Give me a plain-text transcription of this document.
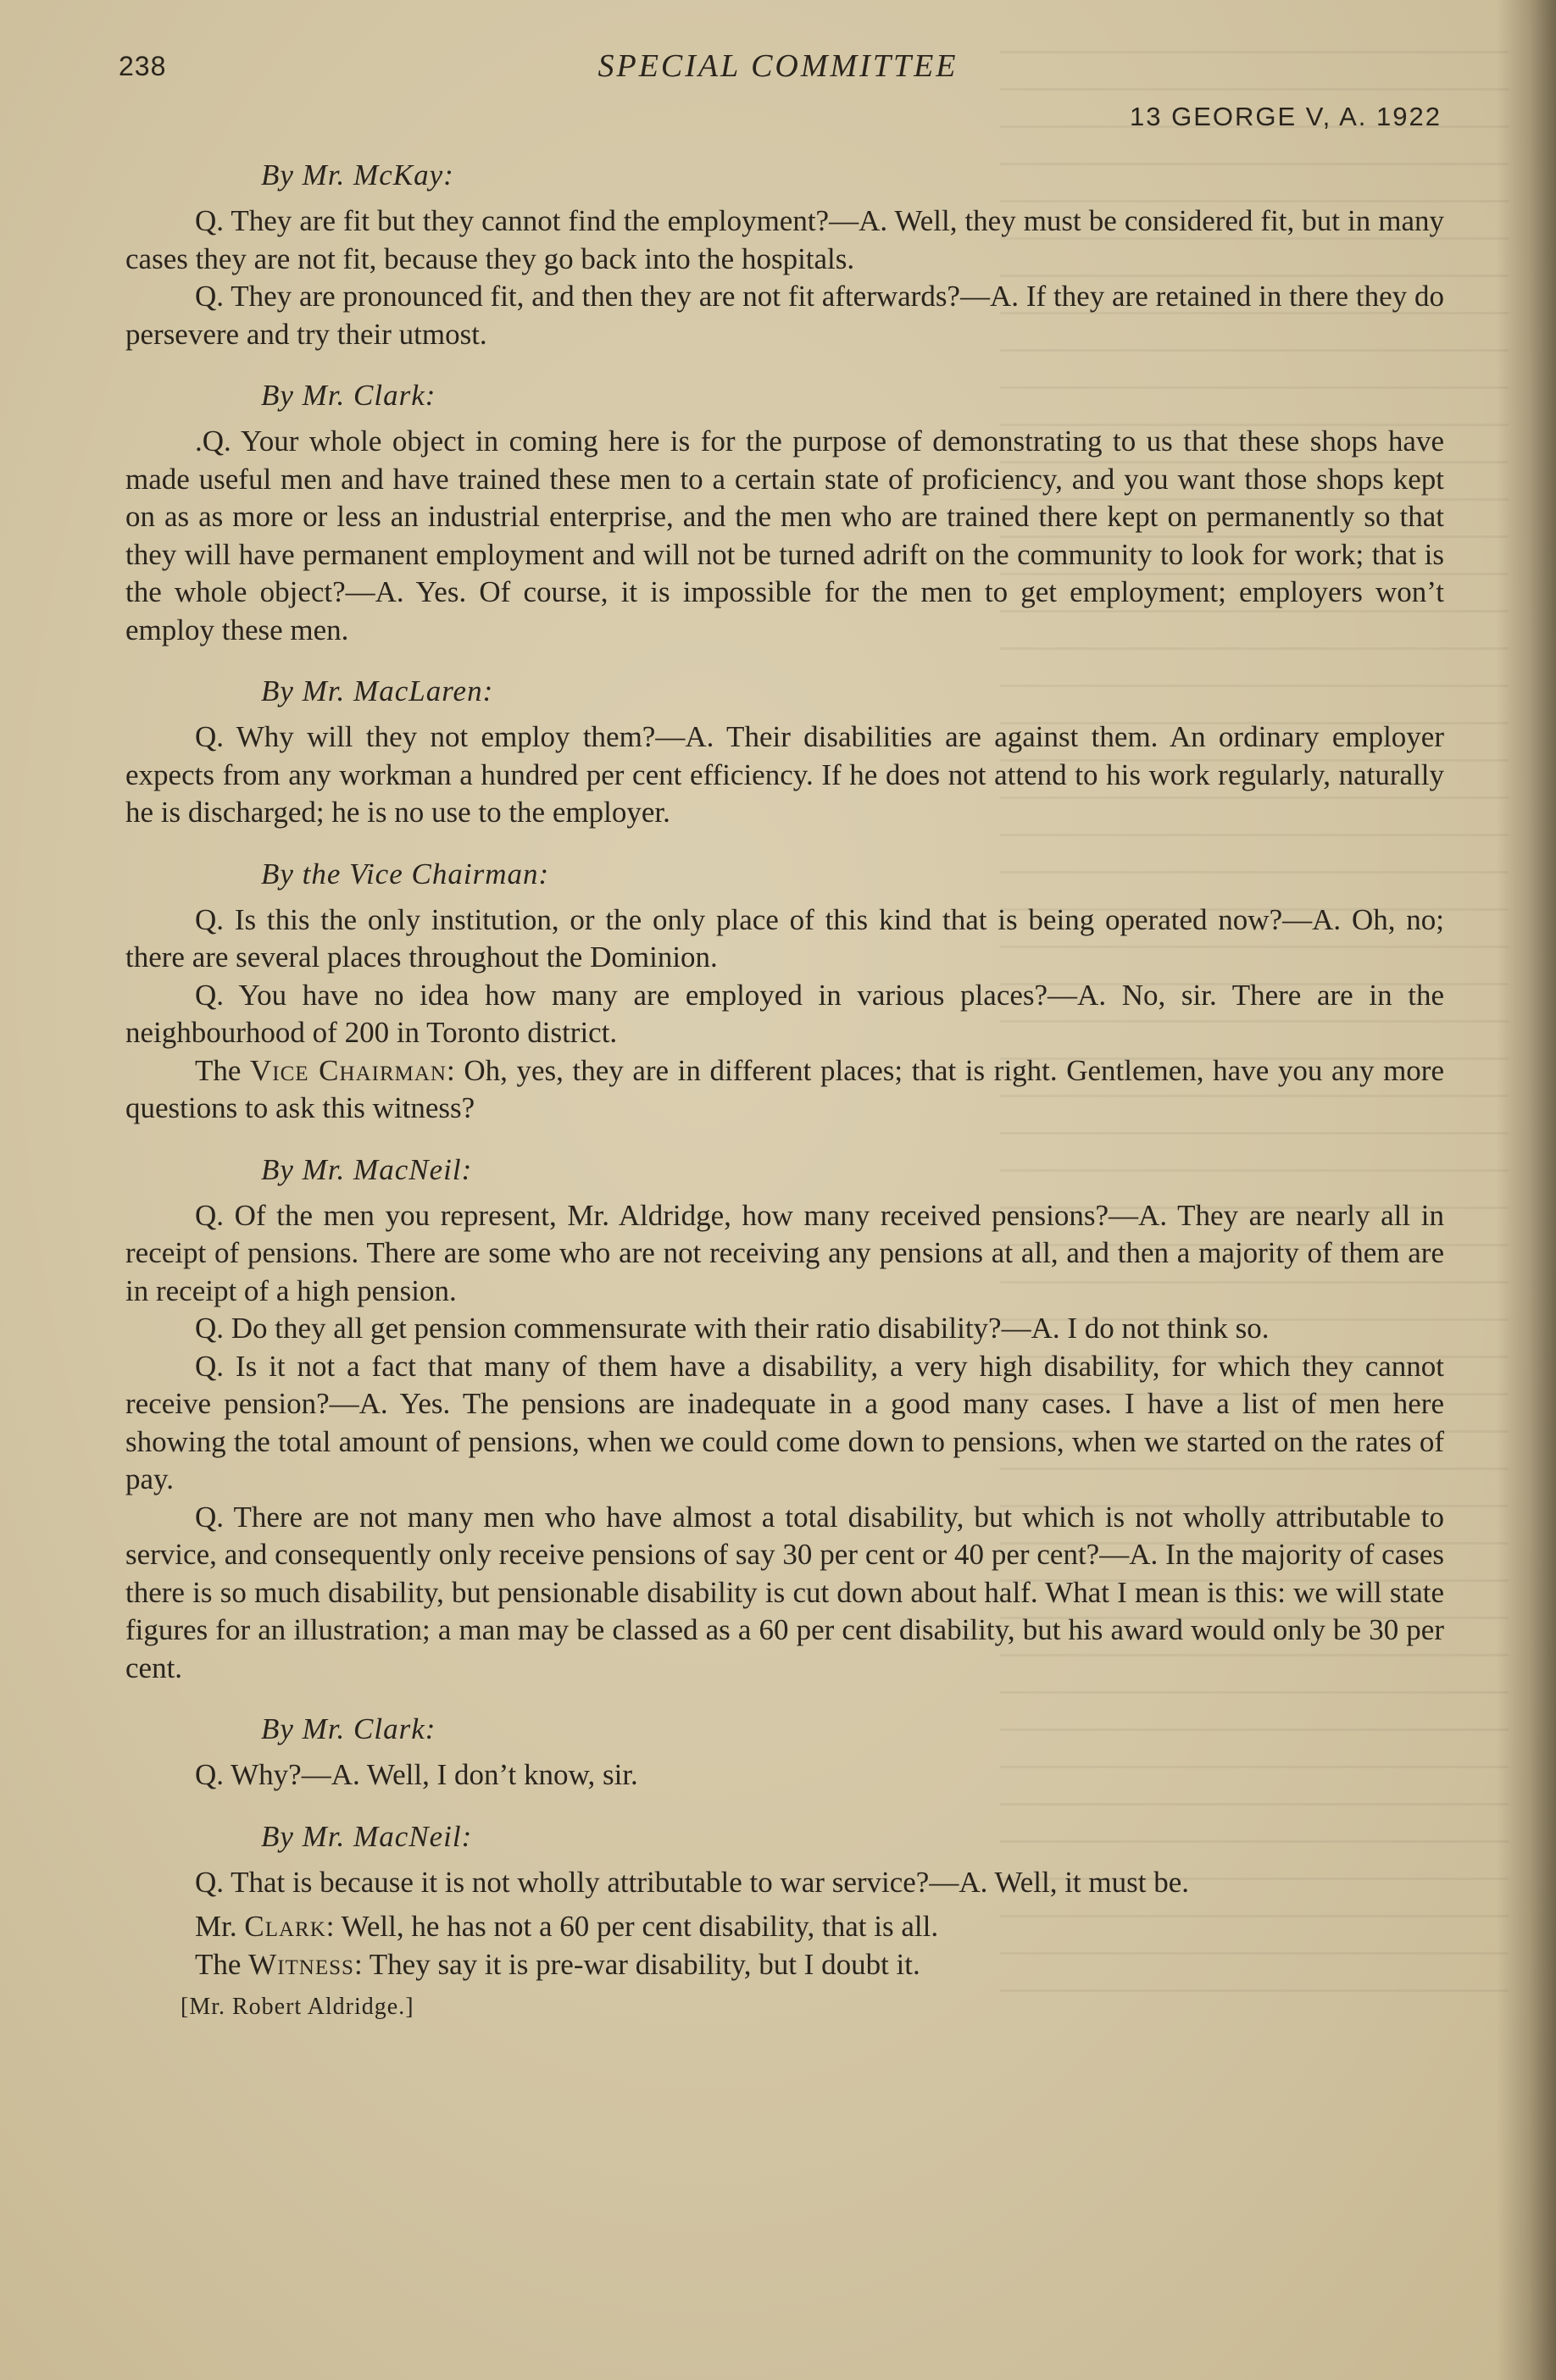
238	SPECIAL COMMITTEE
13 GEORGE V, A. 1922
By Mr. McKay:

Q. They are fit but they cannot find the employment?—A. Well, they must be considered fit, but in many cases they are not fit, because they go back into the hospitals.

Q. They are pronounced fit, and then they are not fit afterwards?—A. If they are retained in there they do persevere and try their utmost.

By Mr. Clark:

.Q. Your whole object in coming here is for the purpose of demonstrating to us that these shops have made useful men and have trained these men to a certain state of proficiency, and you want those shops kept on as as more or less an industrial enterprise, and the men who are trained there kept on permanently so that they will have permanent employment and will not be turned adrift on the community to look for work; that is the whole object?—A. Yes. Of course, it is impossible for the men to get employment; employers won’t employ these men.

By Mr. MacLaren:

Q. Why will they not employ them?—A. Their disabilities are against them. An ordinary employer expects from any workman a hundred per cent efficiency. If he does not attend to his work regularly, naturally he is discharged; he is no use to the employer.

By the Vice Chairman:

Q. Is this the only institution, or the only place of this kind that is being operated now?—A. Oh, no; there are several places throughout the Dominion.

Q. You have no idea how many are employed in various places?—A. No, sir. There are in the neighbourhood of 200 in Toronto district.

The Vice Chairman: Oh, yes, they are in different places; that is right. Gentlemen, have you any more questions to ask this witness?

By Mr. MacNeil:

Q. Of the men you represent, Mr. Aldridge, how many received pensions?—A. They are nearly all in receipt of pensions. There are some who are not receiving any pensions at all, and then a majority of them are in receipt of a high pension.

Q. Do they all get pension commensurate with their ratio disability?—A. I do not think so.

Q. Is it not a fact that many of them have a disability, a very high disability, for which they cannot receive pension?—A. Yes. The pensions are inadequate in a good many cases. I have a list of men here showing the total amount of pensions, when we could come down to pensions, when we started on the rates of pay.

Q. There are not many men who have almost a total disability, but which is not wholly attributable to service, and consequently only receive pensions of say 30 per cent or 40 per cent?—A. In the majority of cases there is so much disability, but pensionable disability is cut down about half. What I mean is this: we will state figures for an illustration; a man may be classed as a 60 per cent disability, but his award would only be 30 per cent.

By Mr. Clark:

Q. Why?—A. Well, I don’t know, sir.

By Mr. MacNeil:

Q. That is because it is not wholly attributable to war service?—A. Well, it must be.

Mr. Clark: Well, he has not a 60 per cent disability, that is all.

The Witness: They say it is pre-war disability, but I doubt it.

[Mr. Robert Aldridge.]
